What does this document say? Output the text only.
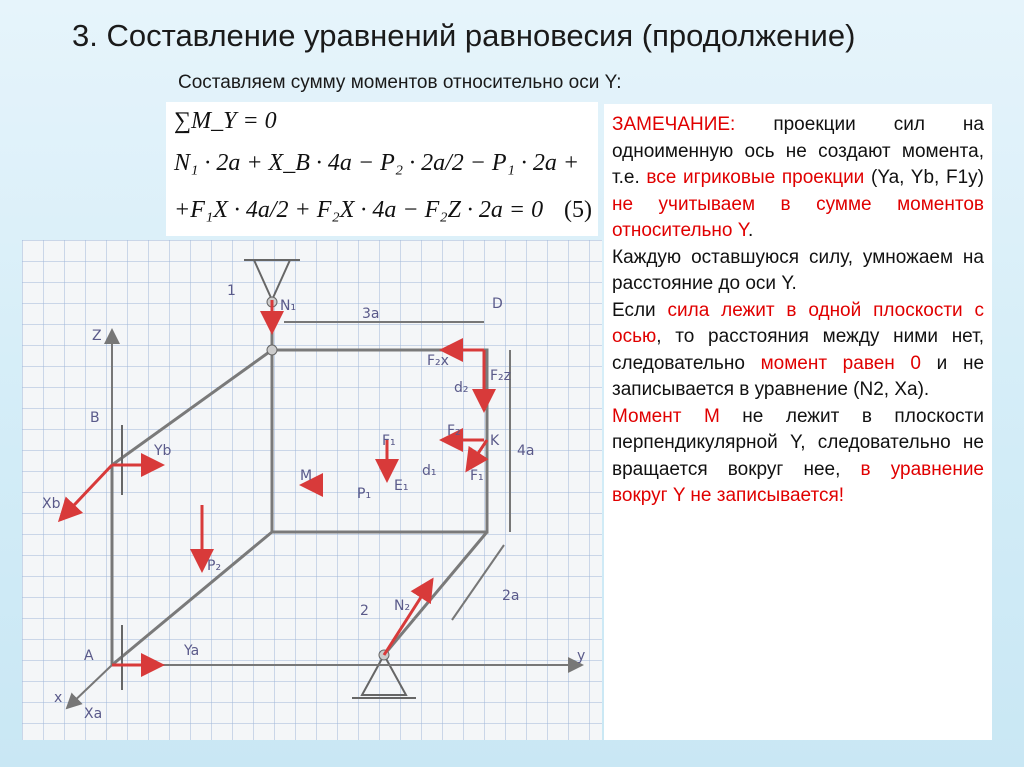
3. Составление уравнений равновесия (продолжение)
Составляем сумму моментов относительно оси Y:
∑M_Y = 0
N₁ · 2a + X_B · 4a − P₂ · 2a/2 − P₁ · 2a +
+F₁X · 4a/2 + F₂X · 4a − F₂Z · 2a = 0 (5)
N₁
1
3a
D
Z
B
F₂x
d₂
F₂z
Yb
F₁
F₂
K
4a
Xb
M	d₁ F₁
P₁ E₁
P₂
N₂
2
2a
A	Ya	y
x
Xa

ЗАМЕЧАНИЕ: проекции сил на одноименную ось не создают момента, т.е. все игриковые проекции (Ya, Yb, F1y) не учитываем в сумме моментов относительно Y.

Каждую оставшуюся силу, умножаем на расстояние до оси Y.

Если сила лежит в одной плоскости с осью, то расстояния между ними нет, следовательно момент равен 0 и не записывается в уравнение (N2, Xa).

Момент М не лежит в плоскости перпендикулярной Y, следовательно не вращается вокруг нее, в уравнение вокруг Y не записывается!
